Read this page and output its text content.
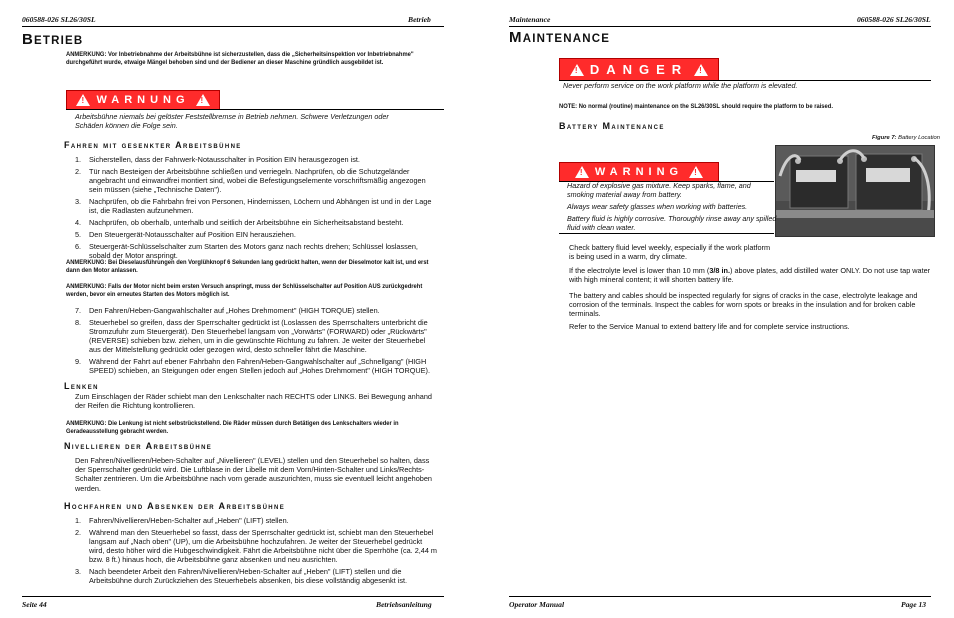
060588-026 SL26/30SL	Betrieb
BETRIEB
ANMERKUNG: Vor Inbetriebnahme der Arbeitsbühne ist sicherzustellen, dass die „Sicherheitsinspektion vor Inbetriebnahme" durchgeführt wurde, etwaige Mängel behoben sind und der Bediener an dieser Maschine gründlich ausgebildet ist.
! WARNUNG !
Arbeitsbühne niemals bei gelöster Feststellbremse in Betrieb nehmen. Schwere Verletzungen oder Schäden können die Folge sein.
Fahren mit gesenkter Arbeitsbühne
1. Sicherstellen, dass der Fahrwerk-Notausschalter in Position EIN herausgezogen ist.
2. Tür nach Besteigen der Arbeitsbühne schließen und verriegeln. Nachprüfen, ob die Schutzgeländer angebracht und einwandfrei montiert sind, wobei die Befestigungselemente vorschriftsmäßig angezogen sein müssen (siehe „Technische Daten").
3. Nachprüfen, ob die Fahrbahn frei von Personen, Hindernissen, Löchern und Abhängen ist und in der Lage ist, die Radlasten aufzunehmen.
4. Nachprüfen, ob oberhalb, unterhalb und seitlich der Arbeitsbühne ein Sicherheitsabstand besteht.
5. Den Steuergerät-Notausschalter auf Position EIN herausziehen.
6. Steuergerät-Schlüsselschalter zum Starten des Motors ganz nach rechts drehen; Schlüssel loslassen, sobald der Motor anspringt.
ANMERKUNG: Bei Dieselausführungen den Vorglühknopf 6 Sekunden lang gedrückt halten, wenn der Dieselmotor kalt ist, und erst dann den Motor anlassen.
ANMERKUNG: Falls der Motor nicht beim ersten Versuch anspringt, muss der Schlüsselschalter auf Position AUS zurückgedreht werden, bevor ein erneutes Starten des Motors möglich ist.
7. Den Fahren/Heben-Gangwahlschalter auf „Hohes Drehmoment" (HIGH TORQUE) stellen.
8. Steuerhebel so greifen, dass der Sperrschalter gedrückt ist (Loslassen des Sperrschalters unterbricht die Stromzufuhr zum Steuergerät). Den Steuerhebel langsam von „Vorwärts" (FORWARD) oder „Rückwärts" (REVERSE) schieben bzw. ziehen, um in die gewünschte Richtung zu fahren. Je weiter der Steuerhebel aus der Mittelstellung gedrückt oder gezogen wird, desto schneller fährt die Maschine.
9. Während der Fahrt auf ebener Fahrbahn den Fahren/Heben-Gangwahlschalter auf „Schnellgang" (HIGH SPEED) schieben, an Steigungen oder engen Stellen jedoch auf „Hohes Drehmoment" (HIGH TORQUE).
Lenken
Zum Einschlagen der Räder schiebt man den Lenkschalter nach RECHTS oder LINKS. Bei Bewegung anhand der Reifen die Richtung kontrollieren.
ANMERKUNG: Die Lenkung ist nicht selbstrückstellend. Die Räder müssen durch Betätigen des Lenkschalters wieder in Geradeausstellung gebracht werden.
Nivellieren der Arbeitsbühne
Den Fahren/Nivellieren/Heben-Schalter auf „Nivellieren" (LEVEL) stellen und den Steuerhebel so halten, dass der Sperrschalter gedrückt wird. Die Luftblase in der Libelle mit dem Vorn/Hinten-Schalter und Links/Rechts-Schalter zentrieren. Um die Arbeitsbühne nach vorn gerade auszurichten, muss sie eventuell leicht angehoben werden.
Hochfahren und Absenken der Arbeitsbühne
1. Fahren/Nivellieren/Heben-Schalter auf „Heben" (LIFT) stellen.
2. Während man den Steuerhebel so fasst, dass der Sperrschalter gedrückt ist, schiebt man den Steuerhebel langsam auf „Nach oben" (UP), um die Arbeitsbühne hochzufahren. Je weiter der Steuerhebel gedrückt wird, desto höher wird die Hubgeschwindigkeit. Fährt die Arbeitsbühne nicht über die Sperrhöhe (ca. 2,44 m bzw. 8 ft.) hinaus hoch, die Arbeitsbühne ganz absenken und neu ausrichten.
3. Nach beendeter Arbeit den Fahren/Nivellieren/Heben-Schalter auf „Heben" (LIFT) stellen und die Arbeitsbühne durch Zurückziehen des Steuerhebels absenken, bis diese vollständig abgesenkt ist.
Seite 44	Betriebsanleitung
Maintenance	060588-026 SL26/30SL
MAINTENANCE
! DANGER !
Never perform service on the work platform while the platform is elevated.
NOTE: No normal (routine) maintenance on the SL26/30SL should require the platform to be raised.
Battery Maintenance
Figure 7: Battery Location
! WARNING !
Hazard of explosive gas mixture. Keep sparks, flame, and smoking material away from battery.
Always wear safety glasses when working with batteries.
Battery fluid is highly corrosive. Thoroughly rinse away any spilled fluid with clean water.
Check battery fluid level weekly, especially if the work platform is being used in a warm, dry climate.
If the electrolyte level is lower than 10 mm (3/8 in.) above plates, add distilled water ONLY. Do not use tap water with high mineral content; it will shorten battery life.
The battery and cables should be inspected regularly for signs of cracks in the case, electrolyte leakage and corrosion of the terminals. Inspect the cables for worn spots or breaks in the insulation and for broken cable terminals.
Refer to the Service Manual to extend battery life and for complete service instructions.
Operator Manual	Page 13
